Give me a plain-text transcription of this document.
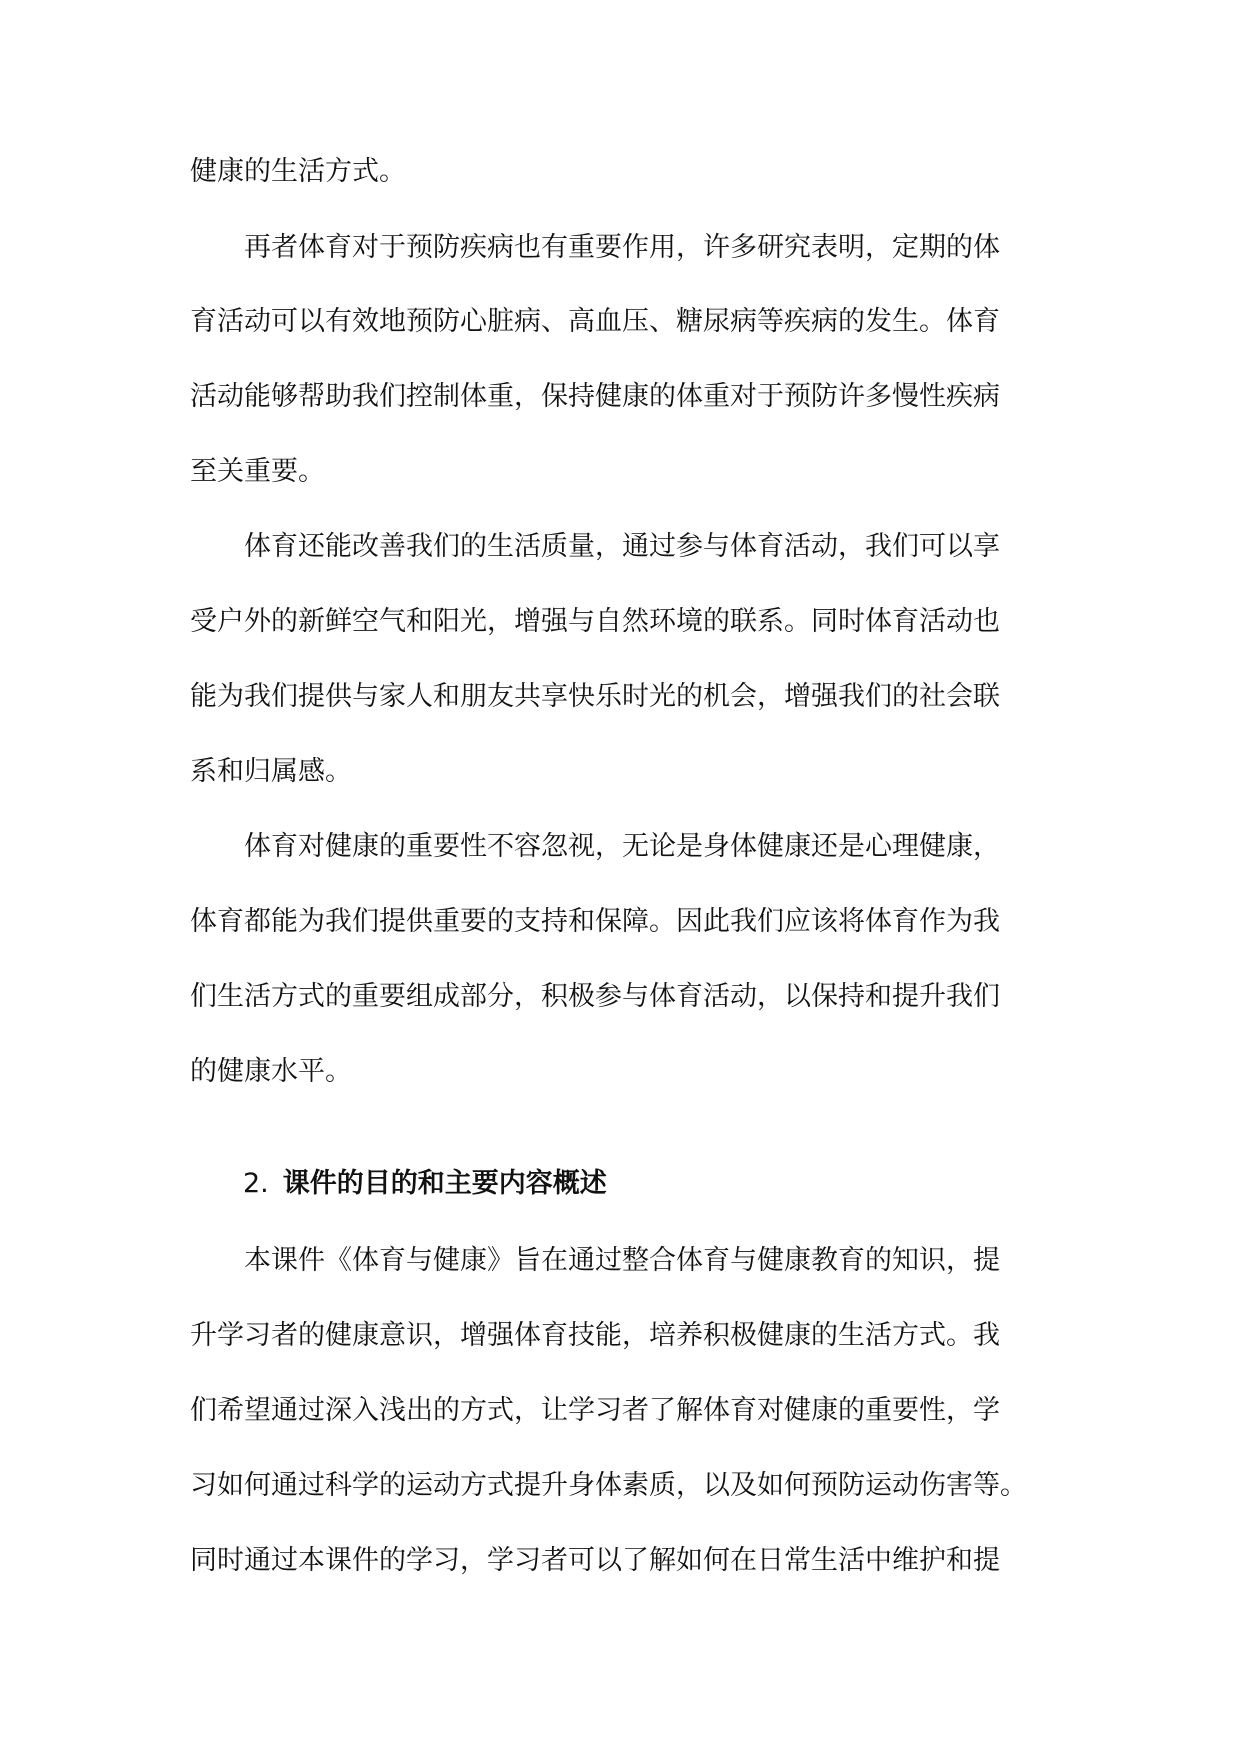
健康的生活方式。
　　再者体育对于预防疾病也有重要作用，许多研究表明，定期的体
育活动可以有效地预防心脏病、高血压、糖尿病等疾病的发生。体育
活动能够帮助我们控制体重，保持健康的体重对于预防许多慢性疾病
至关重要。
　　体育还能改善我们的生活质量，通过参与体育活动，我们可以享
受户外的新鲜空气和阳光，增强与自然环境的联系。同时体育活动也
能为我们提供与家人和朋友共享快乐时光的机会，增强我们的社会联
系和归属感。
　　体育对健康的重要性不容忽视，无论是身体健康还是心理健康，
体育都能为我们提供重要的支持和保障。因此我们应该将体育作为我
们生活方式的重要组成部分，积极参与体育活动，以保持和提升我们
的健康水平。
2. 课件的目的和主要内容概述
　　本课件《体育与健康》旨在通过整合体育与健康教育的知识，提
升学习者的健康意识，增强体育技能，培养积极健康的生活方式。我
们希望通过深入浅出的方式，让学习者了解体育对健康的重要性，学
习如何通过科学的运动方式提升身体素质，以及如何预防运动伤害等。
同时通过本课件的学习，学习者可以了解如何在日常生活中维护和提
